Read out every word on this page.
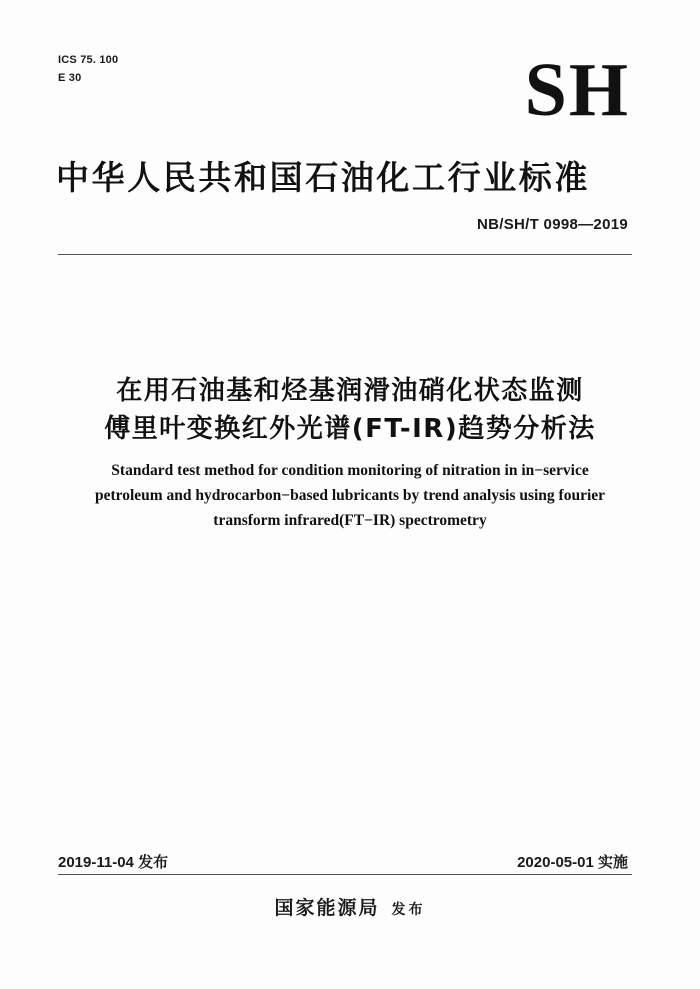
ICS 75. 100
E 30	SH
中华人民共和国石油化工行业标准
NB/SH/T 0998—2019
在用石油基和烃基润滑油硝化状态监测
傅里叶变换红外光谱(FT-IR)趋势分析法
Standard test method for condition monitoring of nitration in in−service
petroleum and hydrocarbon−based lubricants by trend analysis using fourier
transform infrared(FT−IR) spectrometry
2019-11-04 发布	2020-05-01 实施
国家能源局 发布
